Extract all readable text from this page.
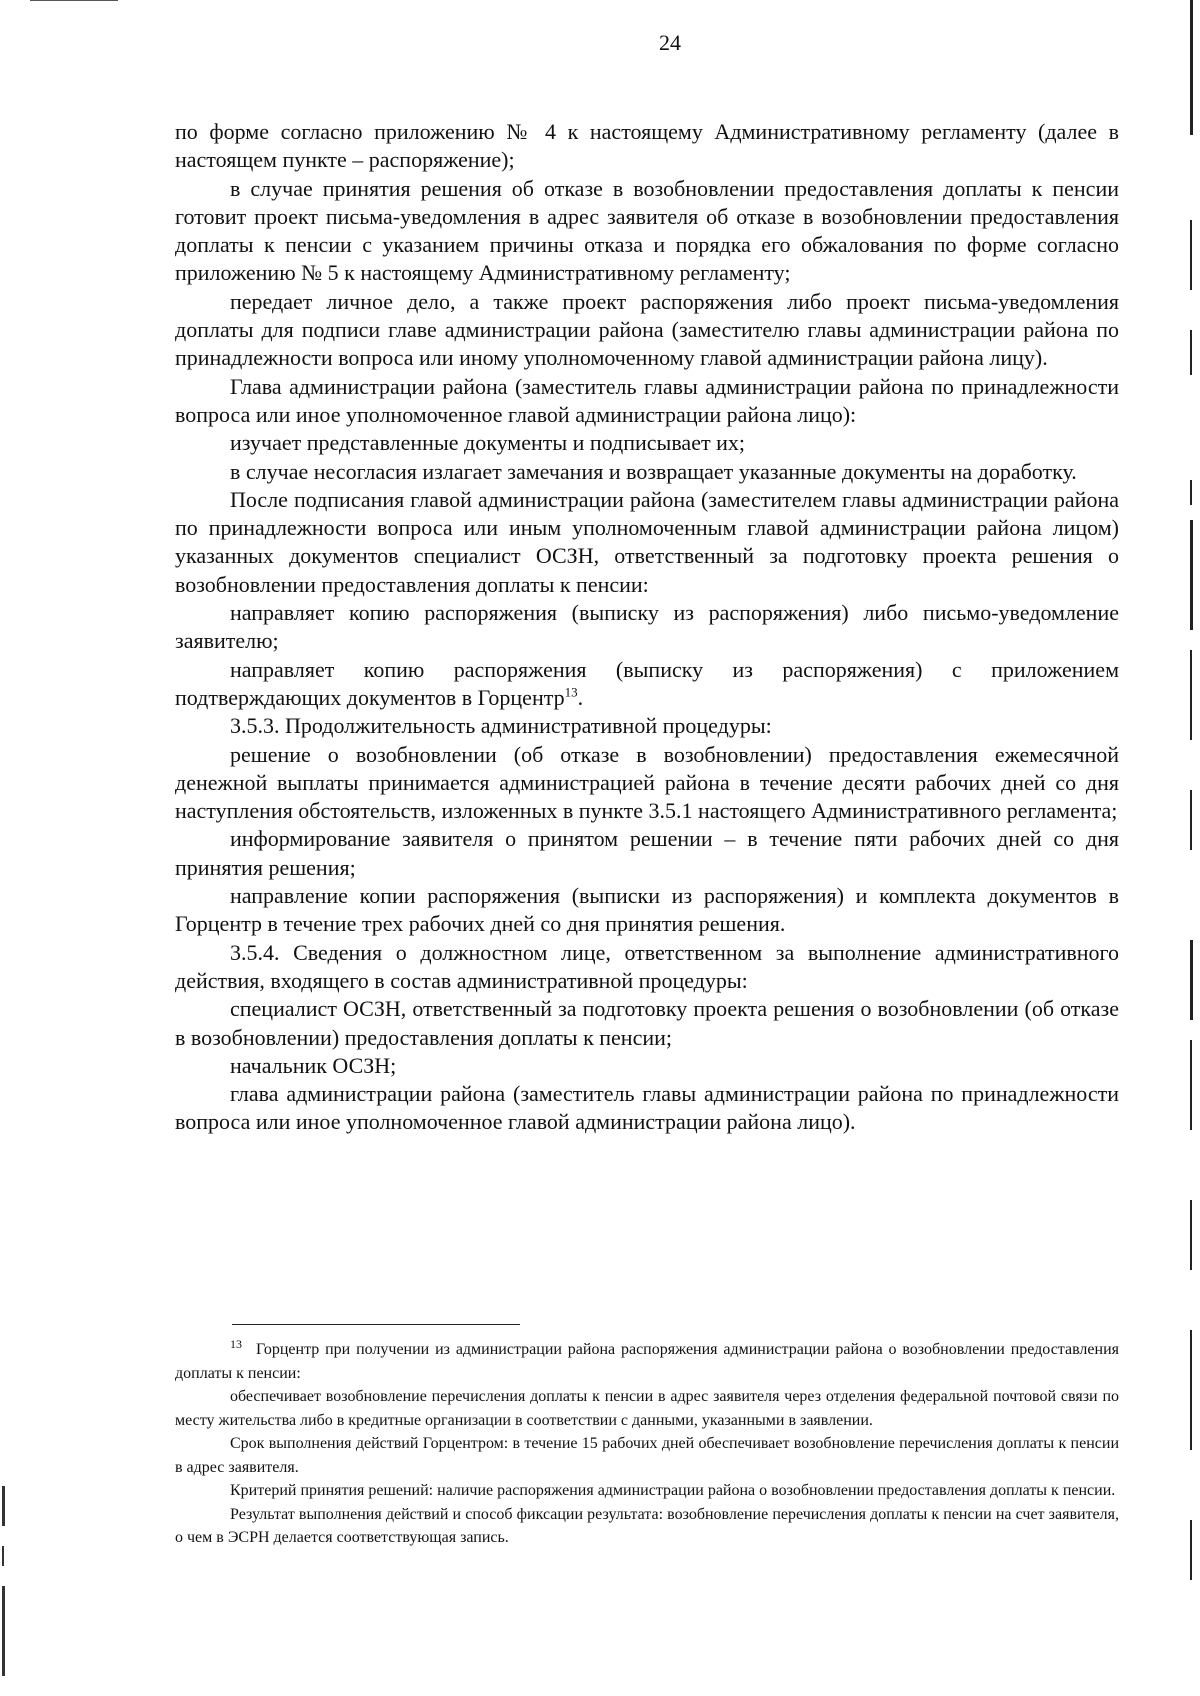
24

по форме согласно приложению № 4 к настоящему Административному регламенту (далее в настоящем пункте – распоряжение);

в случае принятия решения об отказе в возобновлении предоставления доплаты к пенсии готовит проект письма-уведомления в адрес заявителя об отказе в возобновлении предоставления доплаты к пенсии с указанием причины отказа и порядка его обжалования по форме согласно приложению № 5 к настоящему Административному регламенту;

передает личное дело, а также проект распоряжения либо проект письма-уведомления доплаты для подписи главе администрации района (заместителю главы администрации района по принадлежности вопроса или иному уполномоченному главой администрации района лицу).

Глава администрации района (заместитель главы администрации района по принадлежности вопроса или иное уполномоченное главой администрации района лицо):

изучает представленные документы и подписывает их;

в случае несогласия излагает замечания и возвращает указанные документы на доработку.

После подписания главой администрации района (заместителем главы администрации района по принадлежности вопроса или иным уполномоченным главой администрации района лицом) указанных документов специалист ОСЗН, ответственный за подготовку проекта решения о возобновлении предоставления доплаты к пенсии:

направляет копию распоряжения (выписку из распоряжения) либо письмо-уведомление заявителю;

направляет копию распоряжения (выписку из распоряжения) с приложением подтверждающих документов в Горцентр$^{13}$.

3.5.3. Продолжительность административной процедуры:

решение о возобновлении (об отказе в возобновлении) предоставления ежемесячной денежной выплаты принимается администрацией района в течение десяти рабочих дней со дня наступления обстоятельств, изложенных в пункте 3.5.1 настоящего Административного регламента;

информирование заявителя о принятом решении – в течение пяти рабочих дней со дня принятия решения;

направление копии распоряжения (выписки из распоряжения) и комплекта документов в Горцентр в течение трех рабочих дней со дня принятия решения.

3.5.4. Сведения о должностном лице, ответственном за выполнение административного действия, входящего в состав административной процедуры:

специалист ОСЗН, ответственный за подготовку проекта решения о возобновлении (об отказе в возобновлении) предоставления доплаты к пенсии;

начальник ОСЗН;

глава администрации района (заместитель главы администрации района по принадлежности вопроса или иное уполномоченное главой администрации района лицо).

$^{13}$ Горцентр при получении из администрации района распоряжения администрации района о возобновлении предоставления доплаты к пенсии:

обеспечивает возобновление перечисления доплаты к пенсии в адрес заявителя через отделения федеральной почтовой связи по месту жительства либо в кредитные организации в соответствии с данными, указанными в заявлении.

Срок выполнения действий Горцентром: в течение 15 рабочих дней обеспечивает возобновление перечисления доплаты к пенсии в адрес заявителя.

Критерий принятия решений: наличие распоряжения администрации района о возобновлении предоставления доплаты к пенсии.

Результат выполнения действий и способ фиксации результата: возобновление перечисления доплаты к пенсии на счет заявителя, о чем в ЭСРН делается соответствующая запись.
